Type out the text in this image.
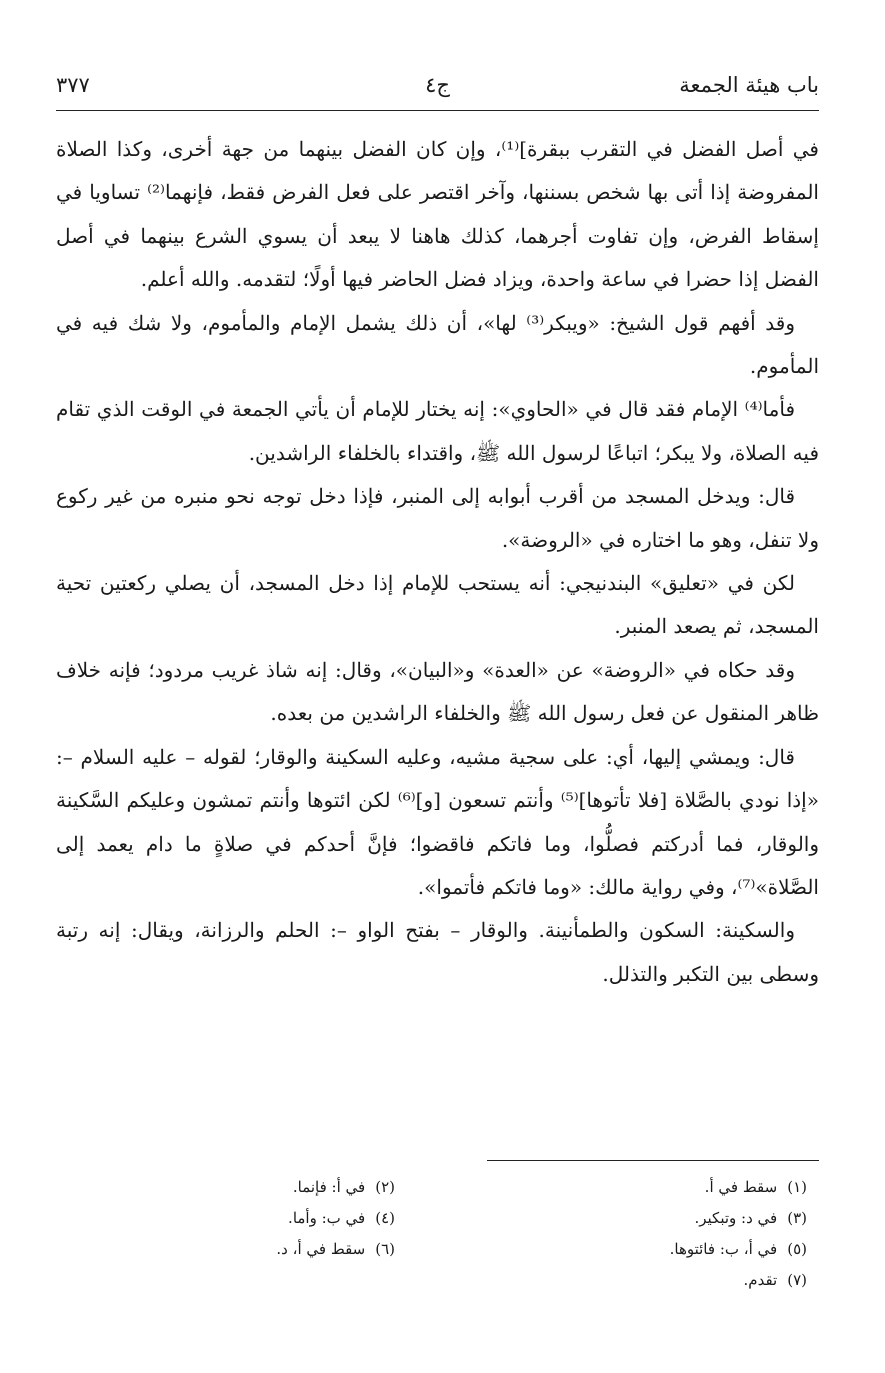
باب هيئة الجمعة
ج٤
٣٧٧

في أصل الفضل في التقرب ببقرة]⁽¹⁾، وإن كان الفضل بينهما من جهة أخرى، وكذا الصلاة المفروضة إذا أتى بها شخص بسننها، وآخر اقتصر على فعل الفرض فقط، فإنهما⁽²⁾ تساويا في إسقاط الفرض، وإن تفاوت أجرهما، كذلك هاهنا لا يبعد أن يسوي الشرع بينهما في أصل الفضل إذا حضرا في ساعة واحدة، ويزاد فضل الحاضر فيها أولًا؛ لتقدمه. والله أعلم.

وقد أفهم قول الشيخ: «ويبكر⁽³⁾ لها»، أن ذلك يشمل الإمام والمأموم، ولا شك فيه في المأموم.

فأما⁽⁴⁾ الإمام فقد قال في «الحاوي»: إنه يختار للإمام أن يأتي الجمعة في الوقت الذي تقام فيه الصلاة، ولا يبكر؛ اتباعًا لرسول الله ﷺ، واقتداء بالخلفاء الراشدين.

قال: ويدخل المسجد من أقرب أبوابه إلى المنبر، فإذا دخل توجه نحو منبره من غير ركوع ولا تنفل، وهو ما اختاره في «الروضة».

لكن في «تعليق» البندنيجي: أنه يستحب للإمام إذا دخل المسجد، أن يصلي ركعتين تحية المسجد، ثم يصعد المنبر.

وقد حكاه في «الروضة» عن «العدة» و«البيان»، وقال: إنه شاذ غريب مردود؛ فإنه خلاف ظاهر المنقول عن فعل رسول الله ﷺ والخلفاء الراشدين من بعده.

قال: ويمشي إليها، أي: على سجية مشيه، وعليه السكينة والوقار؛ لقوله – عليه السلام –: «إذا نودي بالصَّلاة [فلا تأتوها]⁽⁵⁾ وأنتم تسعون [و]⁽⁶⁾ لكن ائتوها وأنتم تمشون وعليكم السَّكينة والوقار، فما أدركتم فصلُّوا، وما فاتكم فاقضوا؛ فإنَّ أحدكم في صلاةٍ ما دام يعمد إلى الصَّلاة»⁽⁷⁾، وفي رواية مالك: «وما فاتكم فأتموا».

والسكينة: السكون والطمأنينة. والوقار – بفتح الواو –: الحلم والرزانة، ويقال: إنه رتبة وسطى بين التكبر والتذلل.

(١)سقط في أ.
(٢)في أ: فإنما.
(٣)في د: وتبكير.
(٤)في ب: وأما.
(٥)في أ، ب: فائتوها.
(٦)سقط في أ، د.
(٧)تقدم.
